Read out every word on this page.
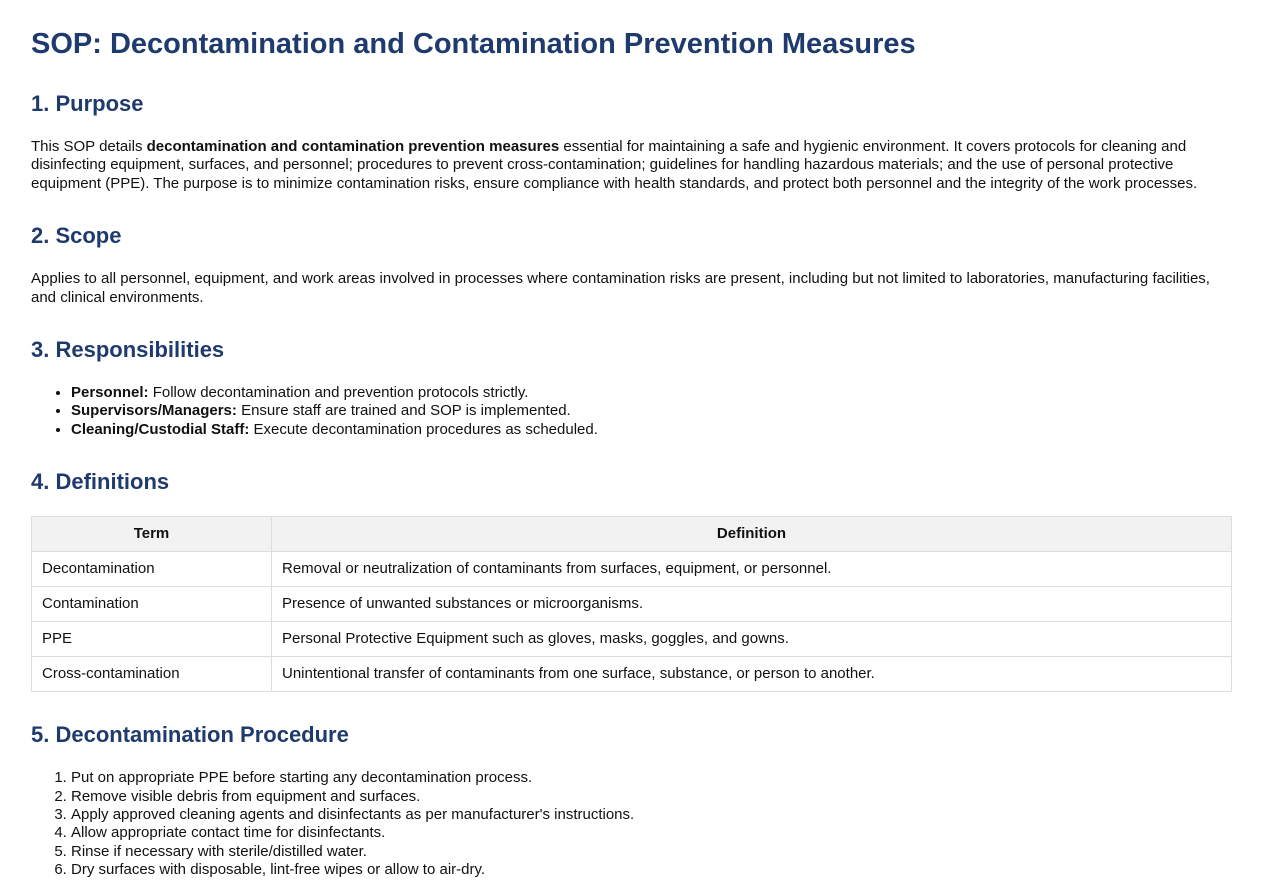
SOP: Decontamination and Contamination Prevention Measures
1. Purpose

This SOP details decontamination and contamination prevention measures essential for maintaining a safe and hygienic environment. It covers protocols for cleaning and disinfecting equipment, surfaces, and personnel; procedures to prevent cross-contamination; guidelines for handling hazardous materials; and the use of personal protective equipment (PPE). The purpose is to minimize contamination risks, ensure compliance with health standards, and protect both personnel and the integrity of the work processes.

2. Scope

Applies to all personnel, equipment, and work areas involved in processes where contamination risks are present, including but not limited to laboratories, manufacturing facilities, and clinical environments.

3. Responsibilities
• Personnel: Follow decontamination and prevention protocols strictly.
• Supervisors/Managers: Ensure staff are trained and SOP is implemented.
• Cleaning/Custodial Staff: Execute decontamination procedures as scheduled.
4. Definitions
Term	Definition
Decontamination	Removal or neutralization of contaminants from surfaces, equipment, or personnel.
Contamination	Presence of unwanted substances or microorganisms.
PPE	Personal Protective Equipment such as gloves, masks, goggles, and gowns.
Cross-contamination	Unintentional transfer of contaminants from one surface, substance, or person to another.
5. Decontamination Procedure
1. Put on appropriate PPE before starting any decontamination process.
2. Remove visible debris from equipment and surfaces.
3. Apply approved cleaning agents and disinfectants as per manufacturer's instructions.
4. Allow appropriate contact time for disinfectants.
5. Rinse if necessary with sterile/distilled water.
6. Dry surfaces with disposable, lint-free wipes or allow to air-dry.
